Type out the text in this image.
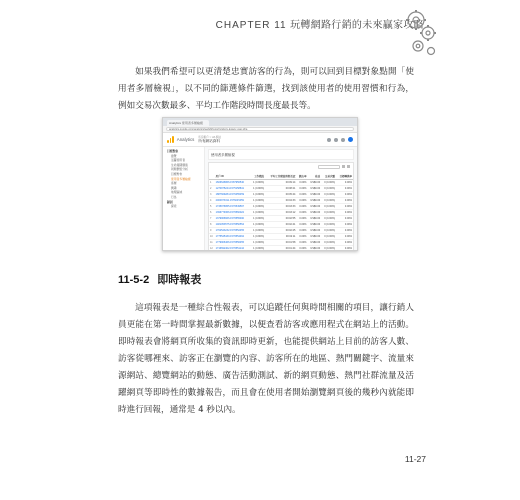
CHAPTER 11 玩轉網路行銷的未來贏家攻略

如果我們希望可以更清楚忠實訪客的行為，則可以回到目標對象點開「使用者多層檢視」，以不同的篩選條件篩選，找到該使用者的使用習慣和行為，例如交易次數最多、平均工作階段時間長度最長等。

Analytics 使用者多層檢視
analytics.google.com/analytics/web/#/report/visitors-legacy-user-id/a
Analytics 所有帳戶 > UA 網站
所有網站資料
目標對象
總覽
活躍使用者
生命週期價值
同類群組分析
目標對象
使用者多層檢視
客層
興趣
地理區域
行為
歸因
探索
使用者多層檢視
	用戶 ID	工作階段	平均工作階段時間長度	跳出率	收益	交易次數	目標轉換率
1	1606646866.1587956540	1 (0.96%)	00:09:14	0.00%	US$0.00	0 (0.00%)	0.00%
2	1270975244.1575158841	1 (0.96%)	00:08:21	0.00%	US$0.00	0 (0.00%)	0.00%
3	1887669284.1576455459	1 (0.96%)	00:05:44	0.00%	US$0.00	0 (0.00%)	0.00%
4	2000973311.1576045459	1 (0.96%)	00:04:33	0.00%	US$0.00	0 (0.00%)	0.00%
5	1745976955.1576549597	1 (0.96%)	00:03:33	0.00%	US$0.00	0 (0.00%)	0.00%
6	1396779366.1576560022	1 (0.96%)	00:03:12	0.00%	US$0.00	0 (0.00%)	0.00%
7	1379966666.1576555490	1 (0.96%)	00:02:55	0.00%	US$0.00	0 (0.00%)	0.00%
8	1481053575.1576550554	1 (0.96%)	00:02:41	0.00%	US$0.00	0 (0.00%)	0.00%
9	1762543232.1576552455	1 (0.96%)	00:02:25	0.00%	US$0.00	0 (0.00%)	0.00%
10	1775545430.1576554462	1 (0.96%)	00:02:11	0.00%	US$0.00	0 (0.00%)	0.00%
11	1779906466.1576556455	1 (0.96%)	00:01:58	0.00%	US$0.00	0 (0.00%)	0.00%
12	1716692402.1576551144	1 (0.96%)	00:01:44	0.00%	US$0.00	0 (0.00%)	0.00%
11-5-2 即時報表

這項報表是一種綜合性報表，可以追蹤任何與時間相關的項目，讓行銷人員更能在第一時間掌握最新數據，以便查看訪客或應用程式在網站上的活動。即時報表會將網頁所收集的資訊即時更新，也能提供網站上目前的訪客人數、訪客從哪裡來、訪客正在瀏覽的內容、訪客所在的地區、熱門關鍵字、流量來源網站、總覽網站的動態、廣告活動測試、新的網頁動態、熱門社群流量及活躍網頁等即時性的數據報告，而且會在使用者開始瀏覽網頁後的幾秒內就能即時進行回報，通常是 4 秒以內。

11-27
